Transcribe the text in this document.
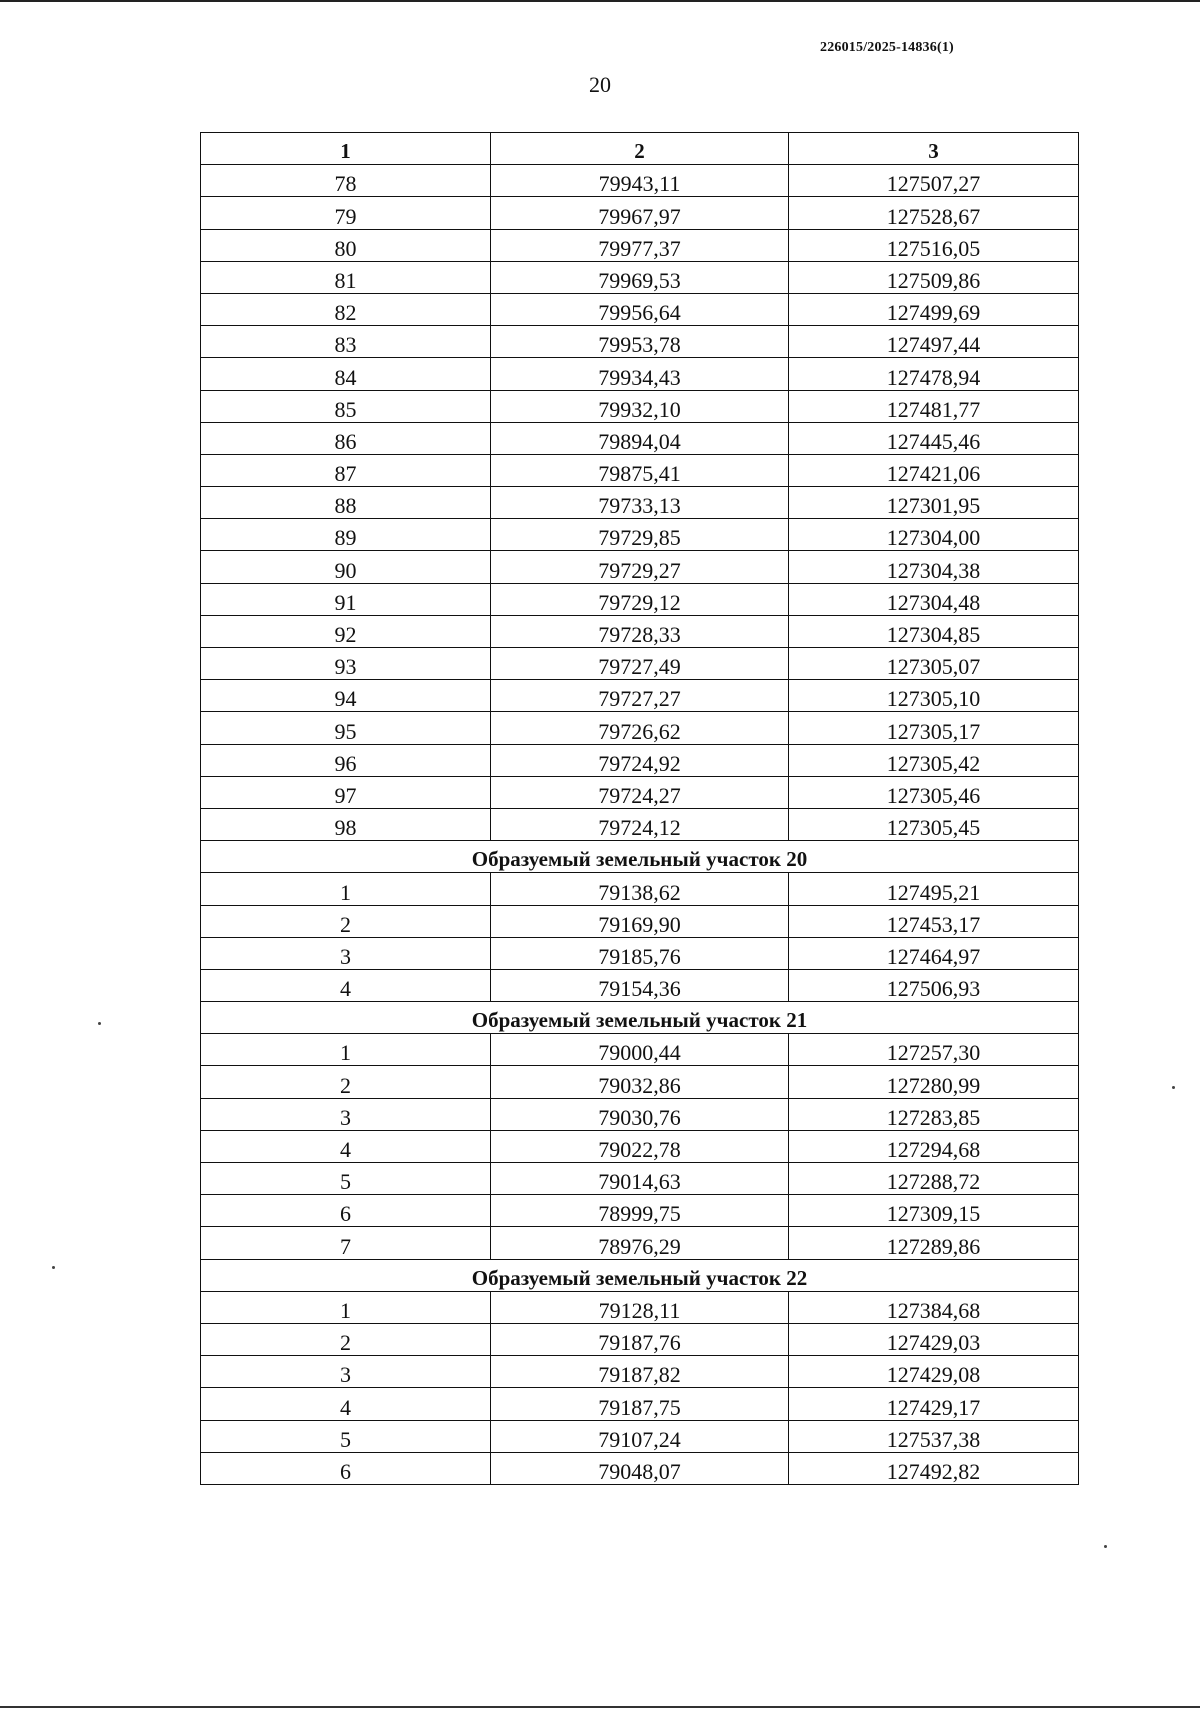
226015/2025-14836(1)
20
1	2	3
78	79943,11	127507,27
79	79967,97	127528,67
80	79977,37	127516,05
81	79969,53	127509,86
82	79956,64	127499,69
83	79953,78	127497,44
84	79934,43	127478,94
85	79932,10	127481,77
86	79894,04	127445,46
87	79875,41	127421,06
88	79733,13	127301,95
89	79729,85	127304,00
90	79729,27	127304,38
91	79729,12	127304,48
92	79728,33	127304,85
93	79727,49	127305,07
94	79727,27	127305,10
95	79726,62	127305,17
96	79724,92	127305,42
97	79724,27	127305,46
98	79724,12	127305,45
Образуемый земельный участок 20		
1	79138,62	127495,21
2	79169,90	127453,17
3	79185,76	127464,97
4	79154,36	127506,93
Образуемый земельный участок 21		
1	79000,44	127257,30
2	79032,86	127280,99
3	79030,76	127283,85
4	79022,78	127294,68
5	79014,63	127288,72
6	78999,75	127309,15
7	78976,29	127289,86
Образуемый земельный участок 22		
1	79128,11	127384,68
2	79187,76	127429,03
3	79187,82	127429,08
4	79187,75	127429,17
5	79107,24	127537,38
6	79048,07	127492,82
